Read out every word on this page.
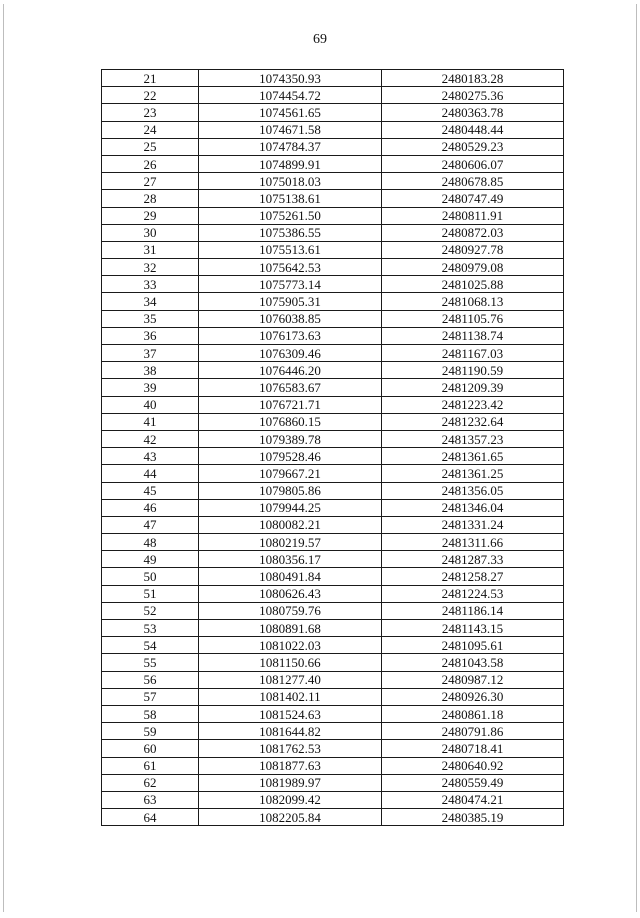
69
21	1074350.93	2480183.28
22	1074454.72	2480275.36
23	1074561.65	2480363.78
24	1074671.58	2480448.44
25	1074784.37	2480529.23
26	1074899.91	2480606.07
27	1075018.03	2480678.85
28	1075138.61	2480747.49
29	1075261.50	2480811.91
30	1075386.55	2480872.03
31	1075513.61	2480927.78
32	1075642.53	2480979.08
33	1075773.14	2481025.88
34	1075905.31	2481068.13
35	1076038.85	2481105.76
36	1076173.63	2481138.74
37	1076309.46	2481167.03
38	1076446.20	2481190.59
39	1076583.67	2481209.39
40	1076721.71	2481223.42
41	1076860.15	2481232.64
42	1079389.78	2481357.23
43	1079528.46	2481361.65
44	1079667.21	2481361.25
45	1079805.86	2481356.05
46	1079944.25	2481346.04
47	1080082.21	2481331.24
48	1080219.57	2481311.66
49	1080356.17	2481287.33
50	1080491.84	2481258.27
51	1080626.43	2481224.53
52	1080759.76	2481186.14
53	1080891.68	2481143.15
54	1081022.03	2481095.61
55	1081150.66	2481043.58
56	1081277.40	2480987.12
57	1081402.11	2480926.30
58	1081524.63	2480861.18
59	1081644.82	2480791.86
60	1081762.53	2480718.41
61	1081877.63	2480640.92
62	1081989.97	2480559.49
63	1082099.42	2480474.21
64	1082205.84	2480385.19
